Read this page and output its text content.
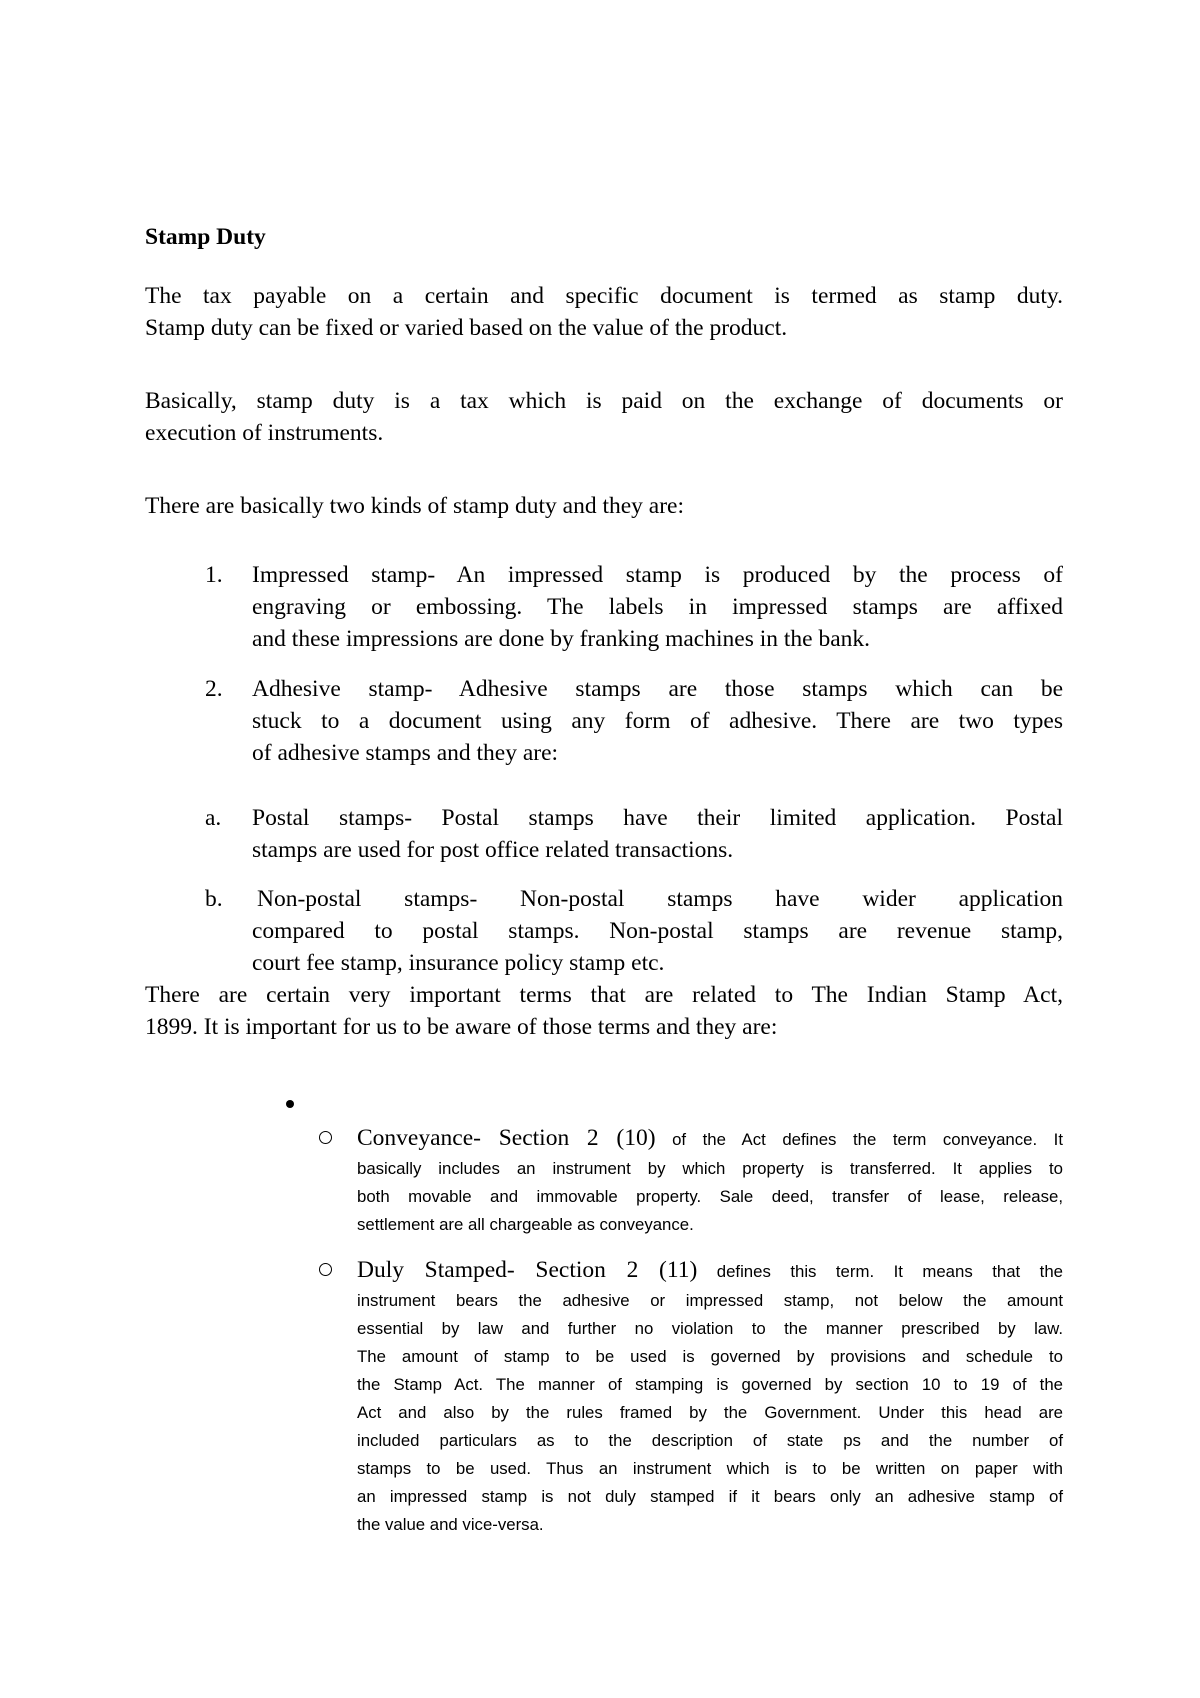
Stamp Duty
The tax payable on a certain and specific document is termed as stamp duty.
Stamp duty can be fixed or varied based on the value of the product.
Basically, stamp duty is a tax which is paid on the exchange of documents or
execution of instruments.
There are basically two kinds of stamp duty and they are:
1. Impressed stamp- An impressed stamp is produced by the process of
engraving or embossing. The labels in impressed stamps are affixed
and these impressions are done by franking machines in the bank.
2. Adhesive stamp- Adhesive stamps are those stamps which can be
stuck to a document using any form of adhesive. There are two types
of adhesive stamps and they are:
a. Postal stamps- Postal stamps have their limited application. Postal
stamps are used for post office related transactions.
b. Non-postal stamps- Non-postal stamps have wider application
compared to postal stamps. Non-postal stamps are revenue stamp,
court fee stamp, insurance policy stamp etc.
There are certain very important terms that are related to The Indian Stamp Act,
1899. It is important for us to be aware of those terms and they are:
Conveyance- Section 2 (10) of the Act defines the term conveyance. It
basically includes an instrument by which property is transferred. It applies to
both movable and immovable property. Sale deed, transfer of lease, release,
settlement are all chargeable as conveyance.
Duly Stamped- Section 2 (11) defines this term. It means that the
instrument bears the adhesive or impressed stamp, not below the amount
essential by law and further no violation to the manner prescribed by law.
The amount of stamp to be used is governed by provisions and schedule to
the Stamp Act. The manner of stamping is governed by section 10 to 19 of the
Act and also by the rules framed by the Government. Under this head are
included particulars as to the description of state ps and the number of
stamps to be used. Thus an instrument which is to be written on paper with
an impressed stamp is not duly stamped if it bears only an adhesive stamp of
the value and vice-versa.
